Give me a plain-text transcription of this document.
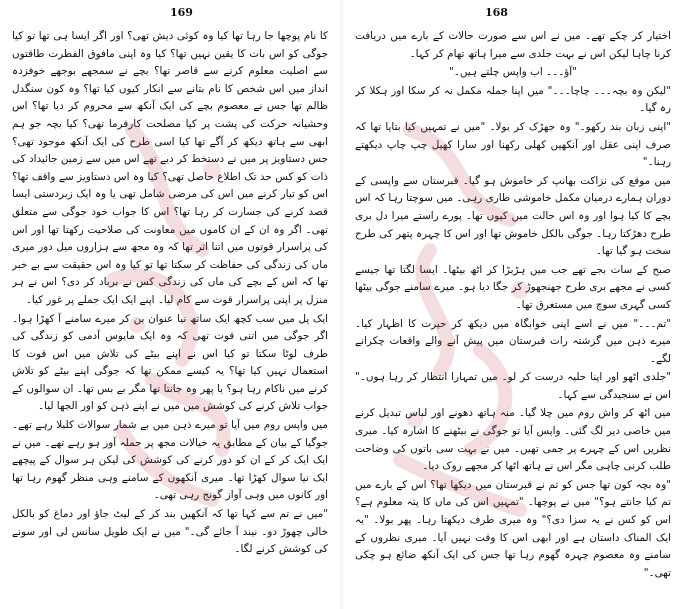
169

کا نام پوچھا جا رہا تھا کیا وہ کوئی دیش تھی؟ اور اگر ایسا ہی تھا تو کیا جوگی کو اس بات کا یقین نہیں تھا؟ کیا وہ اپنی مافوق الفطرت طاقتوں سے اصلیت معلوم کرنے سے قاصر تھا؟ بچے نے سمجھے بوجھے خوفزدہ انداز میں اس شخص کا نام بتانے سے انکار کیوں کیا تھا؟ وہ کون سنگدل ظالم تھا جس نے معصوم بچے کی ایک آنکھ سے محروم کر دیا تھا؟ اس وحشیانہ حرکت کی پشت پر کیا مصلحت کارفرما تھی؟ کیا بچہ جو ہم ابھی سے ہاتھ دیکھ کر آگے تھا کیا اسی طرح کی ایک آنکھ موجود تھی؟ جس دستاویز پر میں نے دستخط کر دیے تھے اس میں سے زمین جائیداد کی ذات کو کس حد تک اطلاع حاصل تھی؟ کیا وہ اس دستاویز سے واقف تھا؟ اس کو تیار کرنے میں اس کی مرضی شامل تھی یا وہ ایک زبردستی ایسا قصد کرنے کی جسارت کر رہا تھا؟ اس کا جواب خود جوگی سے متعلق تھی۔ اگر وہ ان کے ان کاموں میں معاونت کی صلاحیت رکھتا تھا اور اس کی پراسرار قوتوں میں اتنا اثر تھا کہ وہ مجھ سے ہزاروں میل دور میری ماں کی زندگی کی حفاظت کر سکتا تھا تو کیا وہ اس حقیقت سے بے خبر تھا کہ اس کے بچے کی ماں کی زندگی کس نے برباد کر دی؟ اس نے ہر منزل پر اپنی پراسرار قوت سے کام لیا۔ اپنے ایک ایک جملے پر غور کیا۔

ایک پل میں سب کچھ ایک ساتھ نیا عنوان بن کر میرے سامنے آ کھڑا ہوا۔ اگر جوگی میں اتنی قوت تھی کہ وہ ایک مایوس آدمی کو زندگی کی طرف لوٹا سکتا تو کیا اس نے اپنے بیٹے کی تلاش میں اس قوت کا استعمال نہیں کیا تھا؟ یہ کیسے ممکن تھا کہ جوگی اپنے بیٹے کو تلاش کرنے میں ناکام رہا ہو؟ یا پھر وہ جانتا تھا مگر بے بس تھا۔ ان سوالوں کے جواب تلاش کرنے کی کوشش میں میں نے اپنے ذہن کو اور الجھا لیا۔

میں واپس روم میں آیا تو میرے ذہن میں بے شمار سوالات کلبلا رہے تھے۔ جوگیا کے بیان کے مطابق یہ خیالات مجھ پر حملہ آور ہو رہے تھے۔ میں نے ایک ایک کر کے ان کو دور کرنے کی کوشش کی لیکن ہر سوال کے پیچھے ایک نیا سوال کھڑا تھا۔ میری آنکھوں کے سامنے وہی منظر گھوم رہا تھا اور کانوں میں وہی آواز گونج رہی تھی۔

"میں نے تم سے کہا تھا کہ آنکھیں بند کر کے لیٹ جاؤ اور دماغ کو بالکل خالی چھوڑ دو۔ نیند آ جائے گی۔" میں نے ایک طویل سانس لی اور سونے کی کوشش کرنے لگا۔

168

اختیار کر چکے تھے۔ میں نے اس سے صورت حالات کے بارے میں دریافت کرنا چاہا لیکن اس نے بہت جلدی سے میرا ہاتھ تھام کر کہا۔

"آؤ۔۔۔ اب واپس چلتے ہیں۔"

"لیکن وہ بچہ۔۔۔ چاچا۔۔۔" میں اپنا جملہ مکمل نہ کر سکا اور ہکلا کر رہ گیا۔

"اپنی زبان بند رکھو۔" وہ جھڑک کر بولا۔ "میں نے تمہیں کیا بتایا تھا کہ صرف اپنی عقل اور آنکھیں کھلی رکھنا اور سارا کھیل چپ چاپ دیکھتے رہنا۔"

میں موقع کی نزاکت بھانپ کر خاموش ہو گیا۔ قبرستان سے واپسی کے دوران ہمارے درمیان مکمل خاموشی طاری رہی۔ میں سوچتا رہا کہ اس بچے کا کیا ہوا اور وہ اس حالت میں کیوں تھا۔ پورے راستے میرا دل بری طرح دھڑکتا رہا۔ جوگی بالکل خاموش تھا اور اس کا چہرہ پتھر کی طرح سخت ہو گیا تھا۔

صبح کے سات بجے تھے جب میں ہڑبڑا کر اٹھ بیٹھا۔ ایسا لگتا تھا جیسے کسی نے مجھے بری طرح جھنجھوڑ کر جگا دیا ہو۔ میرے سامنے جوگی بیٹھا کسی گہری سوچ میں مستغرق تھا۔

"تم۔۔۔" میں نے اسے اپنی خوابگاہ میں دیکھ کر حیرت کا اظہار کیا۔ میرے ذہن میں گزشتہ رات قبرستان میں پیش آنے والے واقعات چکرانے لگے۔

"جلدی اٹھو اور اپنا حلیہ درست کر لو۔ میں تمہارا انتظار کر رہا ہوں۔" اس نے سنجیدگی سے کہا۔

میں اٹھ کر واش روم میں چلا گیا۔ منہ ہاتھ دھونے اور لباس تبدیل کرنے میں خاصی دیر لگ گئی۔ واپس آیا تو جوگی نے بیٹھنے کا اشارہ کیا۔ میری نظریں اس کے چہرے پر جمی تھیں۔ میں نے بہت سی باتوں کی وضاحت طلب کرنی چاہی مگر اس نے ہاتھ اٹھا کر مجھے روک دیا۔

"وہ بچہ کون تھا جس کو تم نے قبرستان میں دیکھا تھا؟ اس کے بارے میں تم کیا جانتے ہو؟" میں نے پوچھا۔ "تمہیں اس کی ماں کا پتہ معلوم ہے؟ اس کو کس نے یہ سزا دی؟" وہ میری طرف دیکھتا رہا۔ پھر بولا۔ "یہ ایک المناک داستان ہے اور ابھی اس کا وقت نہیں آیا۔ میری نظروں کے سامنے وہ معصوم چہرہ گھوم رہا تھا جس کی ایک آنکھ ضائع ہو چکی تھی۔"
